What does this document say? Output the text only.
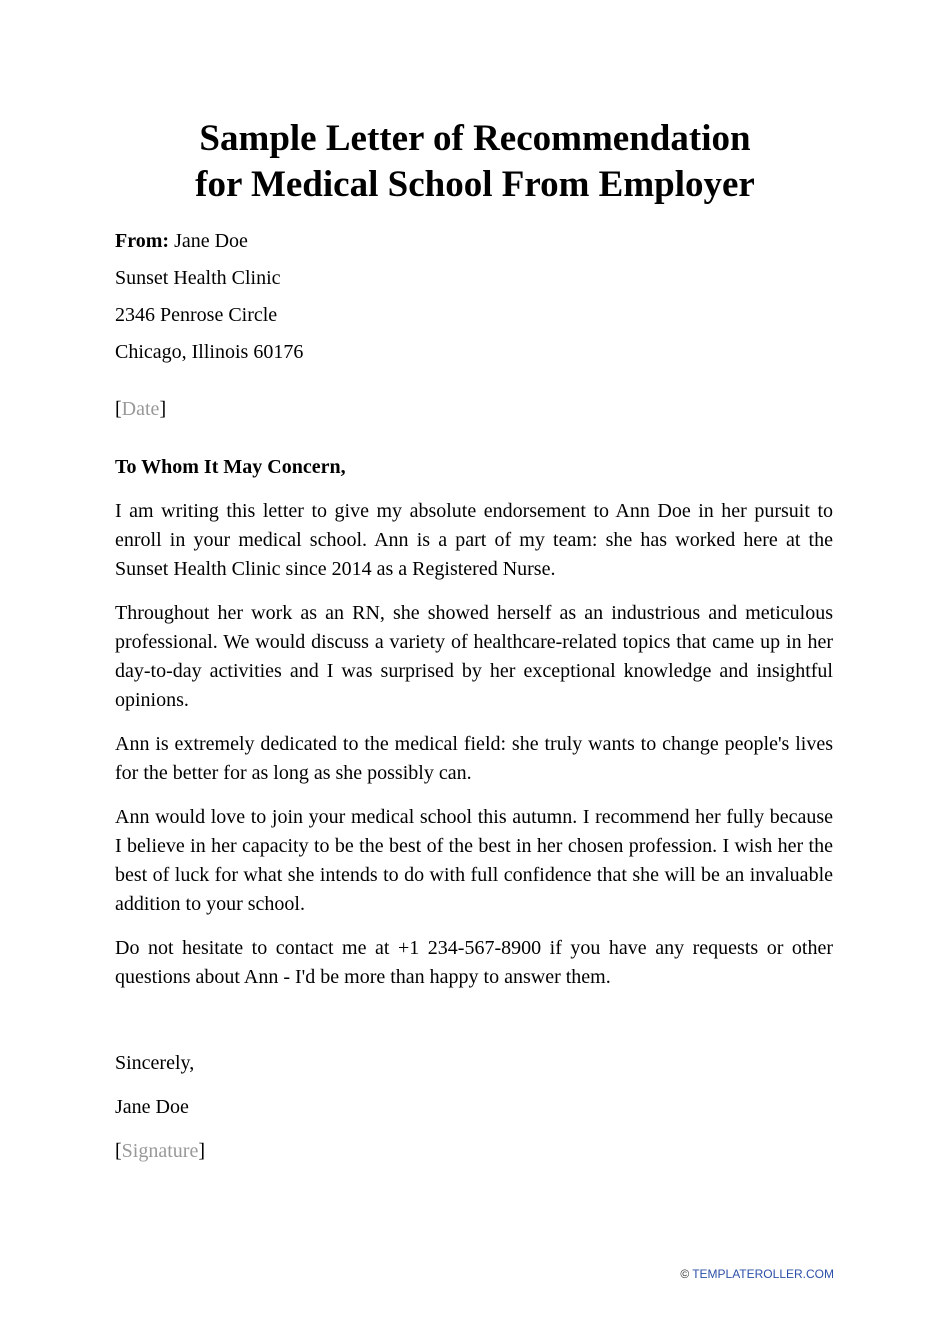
Sample Letter of Recommendation
for Medical School From Employer
From: Jane Doe
Sunset Health Clinic
2346 Penrose Circle
Chicago, Illinois 60176
[Date]
To Whom It May Concern,

I am writing this letter to give my absolute endorsement to Ann Doe in her pursuit to enroll in your medical school. Ann is a part of my team: she has worked here at the Sunset Health Clinic since 2014 as a Registered Nurse.

Throughout her work as an RN, she showed herself as an industrious and meticulous professional. We would discuss a variety of healthcare-related topics that came up in her day-to-day activities and I was surprised by her exceptional knowledge and insightful opinions.

Ann is extremely dedicated to the medical field: she truly wants to change people's lives for the better for as long as she possibly can.

Ann would love to join your medical school this autumn. I recommend her fully because I believe in her capacity to be the best of the best in her chosen profession. I wish her the best of luck for what she intends to do with full confidence that she will be an invaluable addition to your school.

Do not hesitate to contact me at +1 234-567-8900 if you have any requests or other questions about Ann - I'd be more than happy to answer them.

Sincerely,
Jane Doe
[Signature]
© TEMPLATEROLLER.COM
